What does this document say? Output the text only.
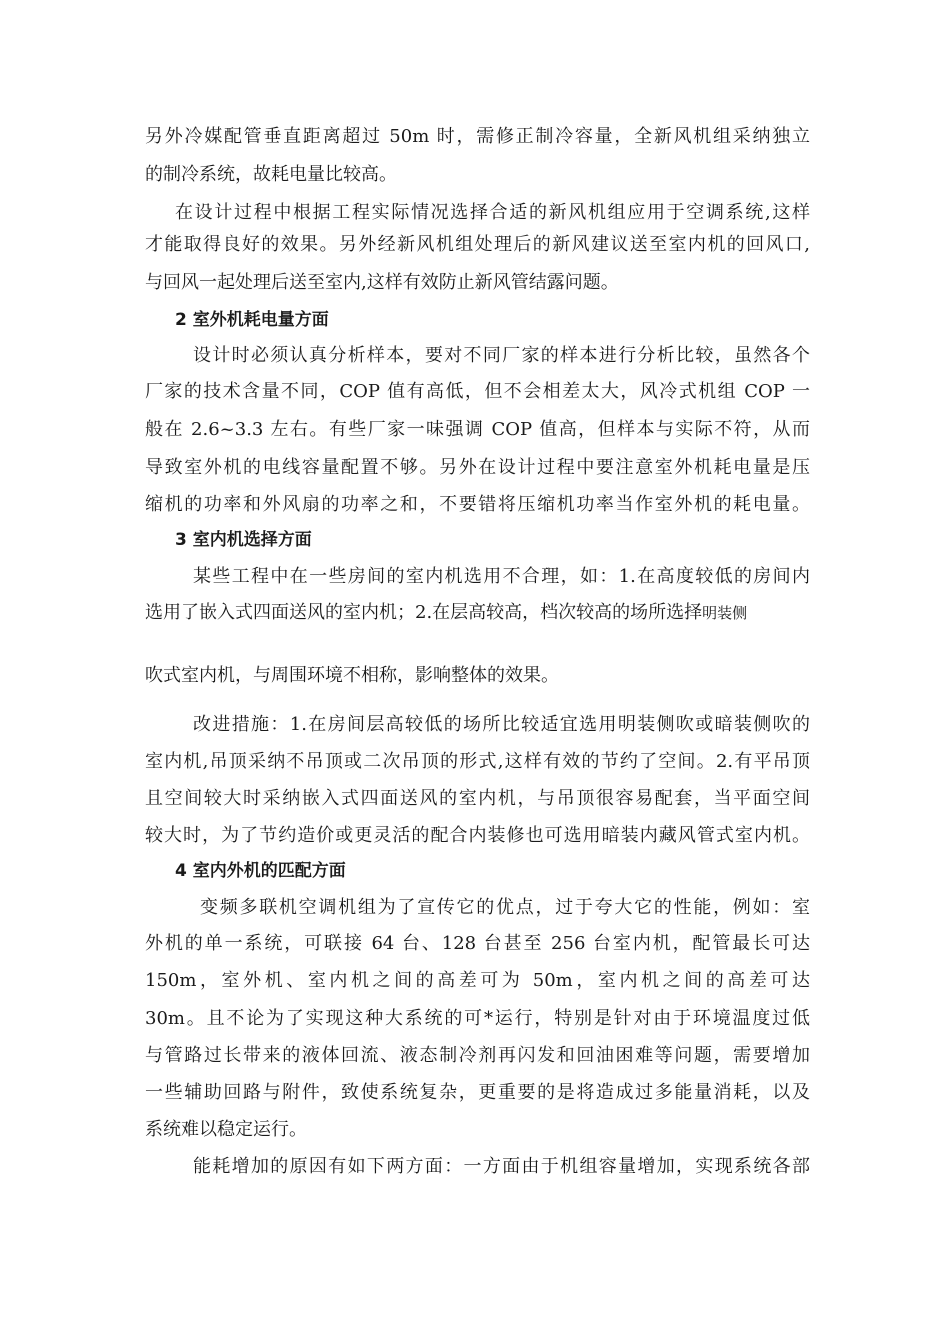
另外冷媒配管垂直距离超过 50m 时，需修正制冷容量，全新风机组采纳独立
的制冷系统，故耗电量比较高。
在设计过程中根据工程实际情况选择合适的新风机组应用于空调系统,这样
才能取得良好的效果。另外经新风机组处理后的新风建议送至室内机的回风口,
与回风一起处理后送至室内,这样有效防止新风管结露问题。
2 室外机耗电量方面
设计时必须认真分析样本，要对不同厂家的样本进行分析比较，虽然各个
厂家的技术含量不同，COP 值有高低，但不会相差太大，风冷式机组 COP 一
般在 2.6~3.3 左右。有些厂家一味强调 COP 值高，但样本与实际不符，从而
导致室外机的电线容量配置不够。另外在设计过程中要注意室外机耗电量是压
缩机的功率和外风扇的功率之和，不要错将压缩机功率当作室外机的耗电量。
3 室内机选择方面
某些工程中在一些房间的室内机选用不合理，如：1.在高度较低的房间内
选用了嵌入式四面送风的室内机；2.在层高较高，档次较高的场所选择明装侧
吹式室内机，与周围环境不相称，影响整体的效果。
改进措施：1.在房间层高较低的场所比较适宜选用明装侧吹或暗装侧吹的
室内机,吊顶采纳不吊顶或二次吊顶的形式,这样有效的节约了空间。2.有平吊顶
且空间较大时采纳嵌入式四面送风的室内机，与吊顶很容易配套，当平面空间
较大时，为了节约造价或更灵活的配合内装修也可选用暗装内藏风管式室内机。
4 室内外机的匹配方面
变频多联机空调机组为了宣传它的优点，过于夸大它的性能，例如：室
外机的单一系统，可联接 64 台、128 台甚至 256 台室内机，配管最长可达
150m，室外机、室内机之间的高差可为 50m，室内机之间的高差可达
30m。且不论为了实现这种大系统的可*运行，特别是针对由于环境温度过低
与管路过长带来的液体回流、液态制冷剂再闪发和回油困难等问题，需要增加
一些辅助回路与附件，致使系统复杂，更重要的是将造成过多能量消耗，以及
系统难以稳定运行。
能耗增加的原因有如下两方面：一方面由于机组容量增加，实现系统各部
